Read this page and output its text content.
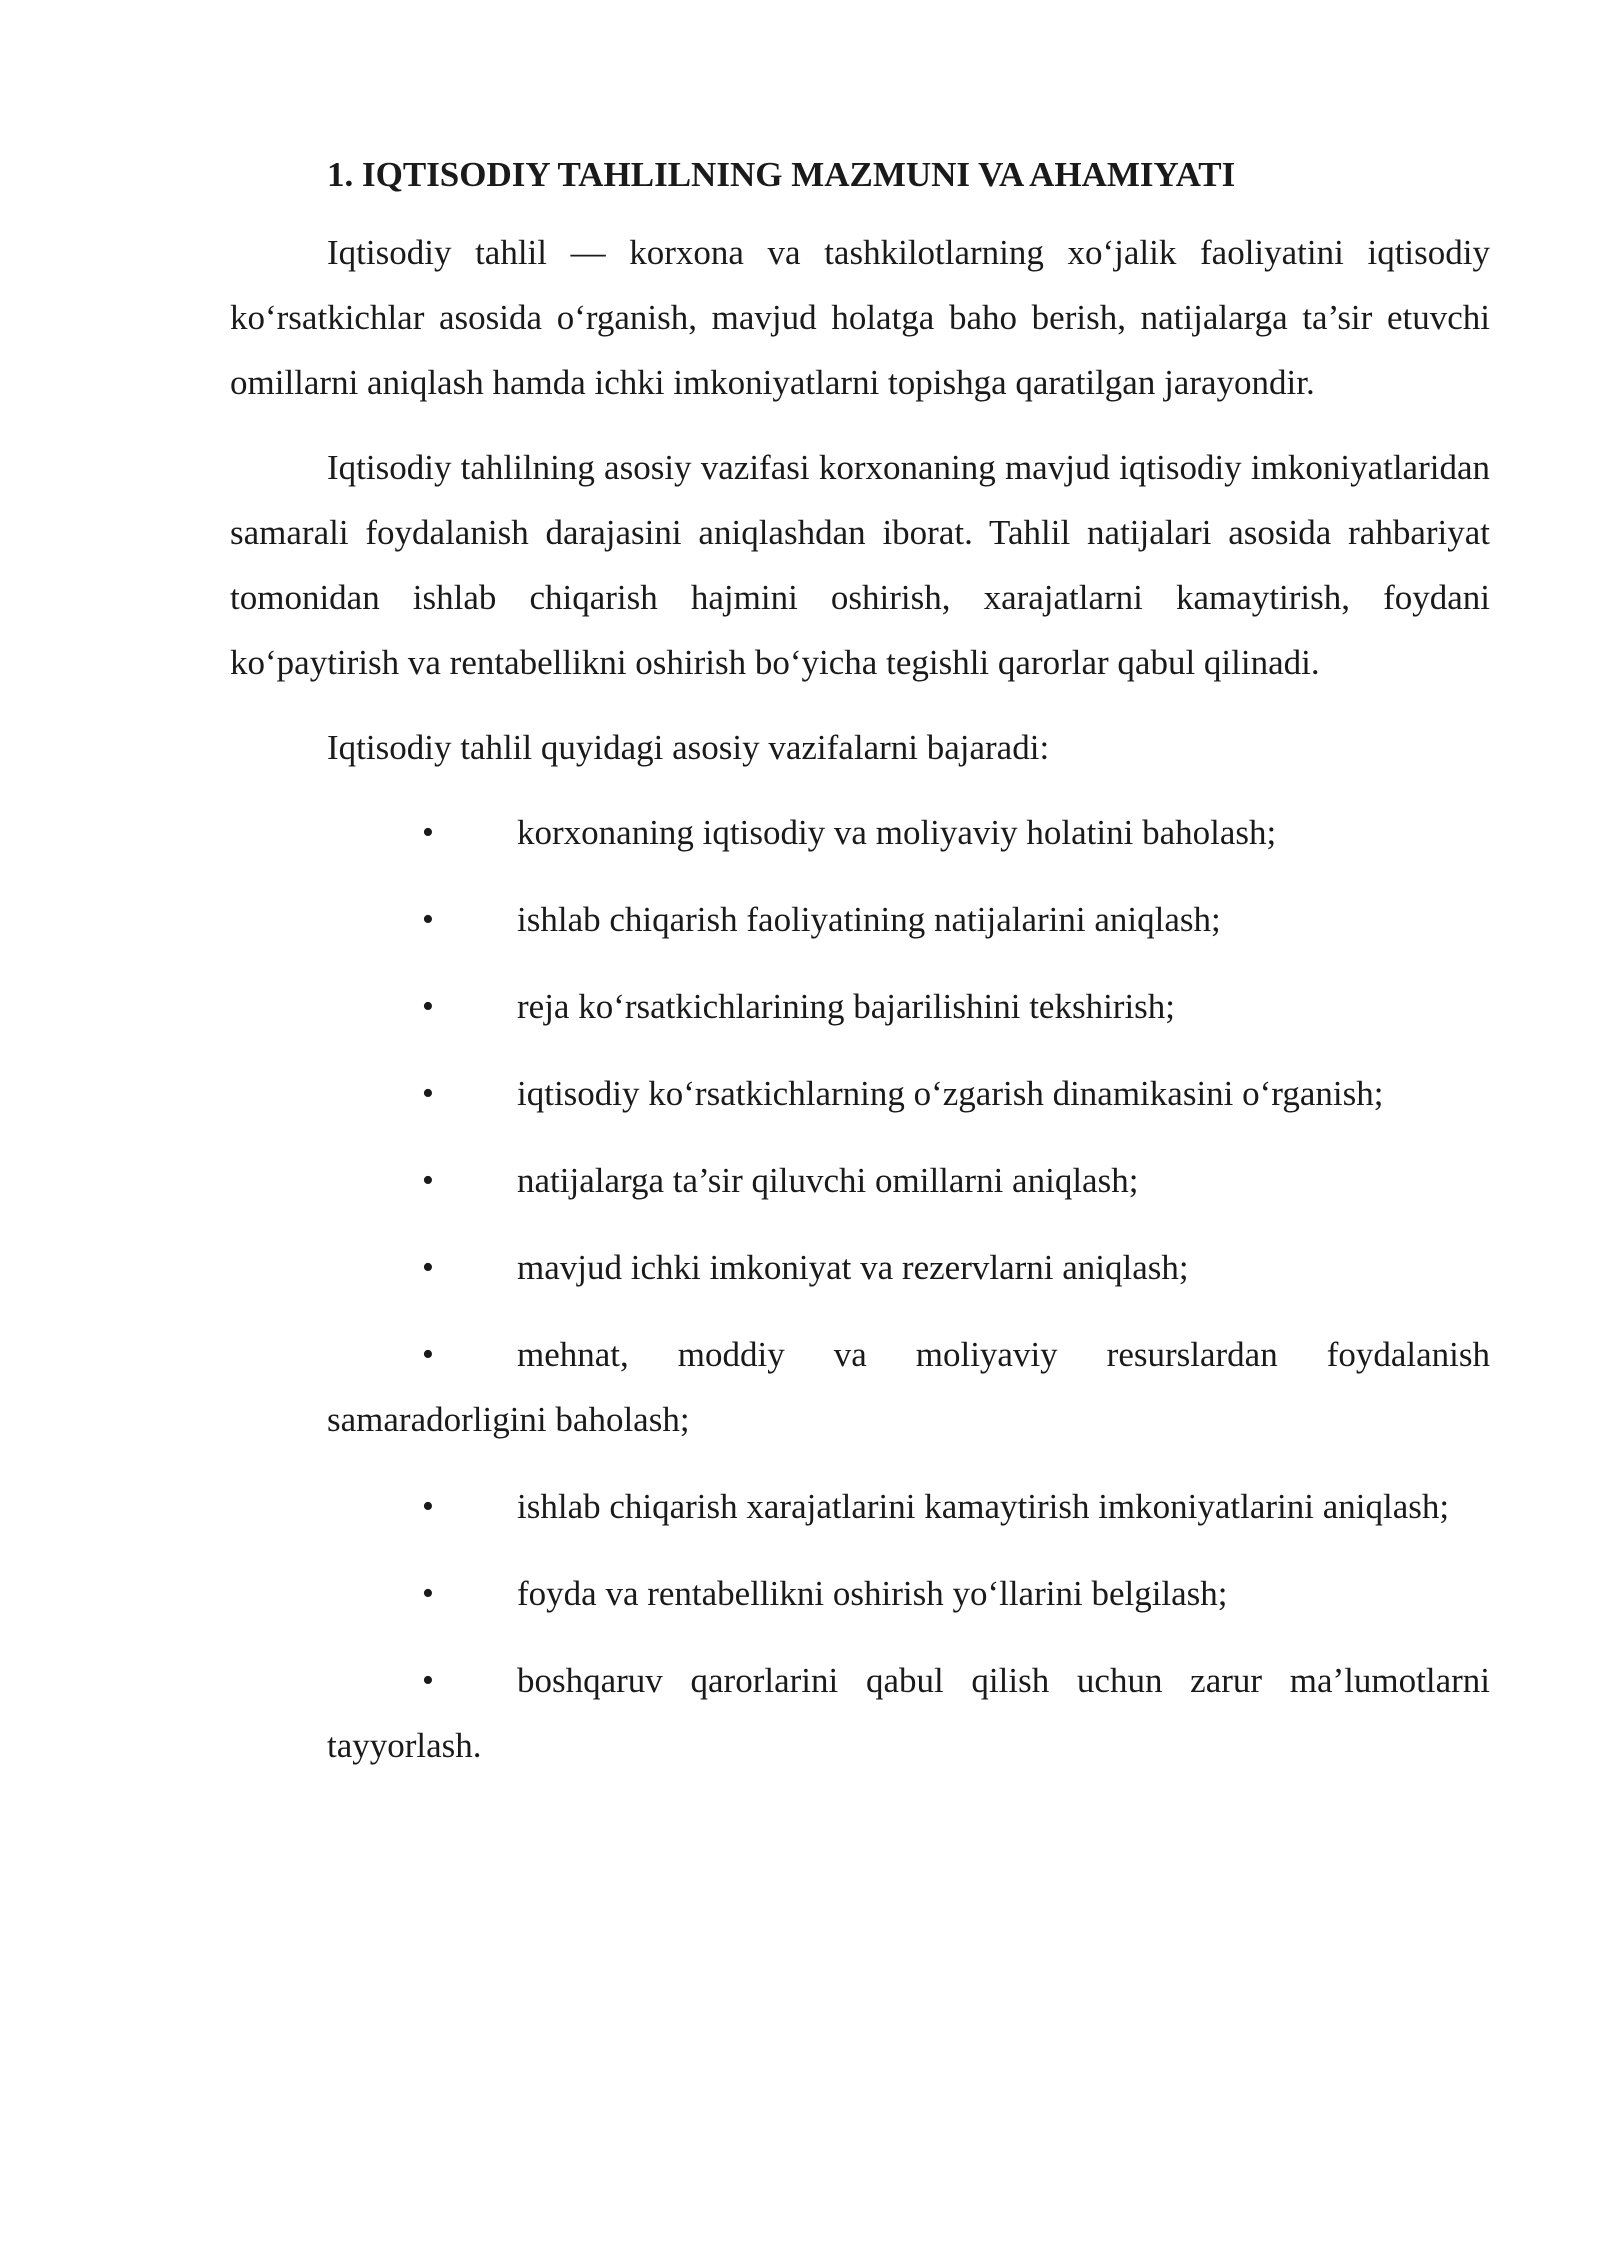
1. IQTISODIY TAHLILNING MAZMUNI VA AHAMIYATI

Iqtisodiy tahlil — korxona va tashkilotlarning xo‘jalik faoliyatini iqtisodiy ko‘rsatkichlar asosida o‘rganish, mavjud holatga baho berish, natijalarga ta’sir etuvchi omillarni aniqlash hamda ichki imkoniyatlarni topishga qaratilgan jarayondir.

Iqtisodiy tahlilning asosiy vazifasi korxonaning mavjud iqtisodiy imkoniyatlaridan samarali foydalanish darajasini aniqlashdan iborat. Tahlil natijalari asosida rahbariyat tomonidan ishlab chiqarish hajmini oshirish, xarajatlarni kamaytirish, foydani ko‘paytirish va rentabellikni oshirish bo‘yicha tegishli qarorlar qabul qilinadi.

Iqtisodiy tahlil quyidagi asosiy vazifalarni bajaradi:

• korxonaning iqtisodiy va moliyaviy holatini baholash;
• ishlab chiqarish faoliyatining natijalarini aniqlash;
• reja ko‘rsatkichlarining bajarilishini tekshirish;
• iqtisodiy ko‘rsatkichlarning o‘zgarish dinamikasini o‘rganish;
• natijalarga ta’sir qiluvchi omillarni aniqlash;
• mavjud ichki imkoniyat va rezervlarni aniqlash;
• mehnat, moddiy va moliyaviy resurslardan foydalanish samaradorligini baholash;
• ishlab chiqarish xarajatlarini kamaytirish imkoniyatlarini aniqlash;
• foyda va rentabellikni oshirish yo‘llarini belgilash;
• boshqaruv qarorlarini qabul qilish uchun zarur ma’lumotlarni tayyorlash.
